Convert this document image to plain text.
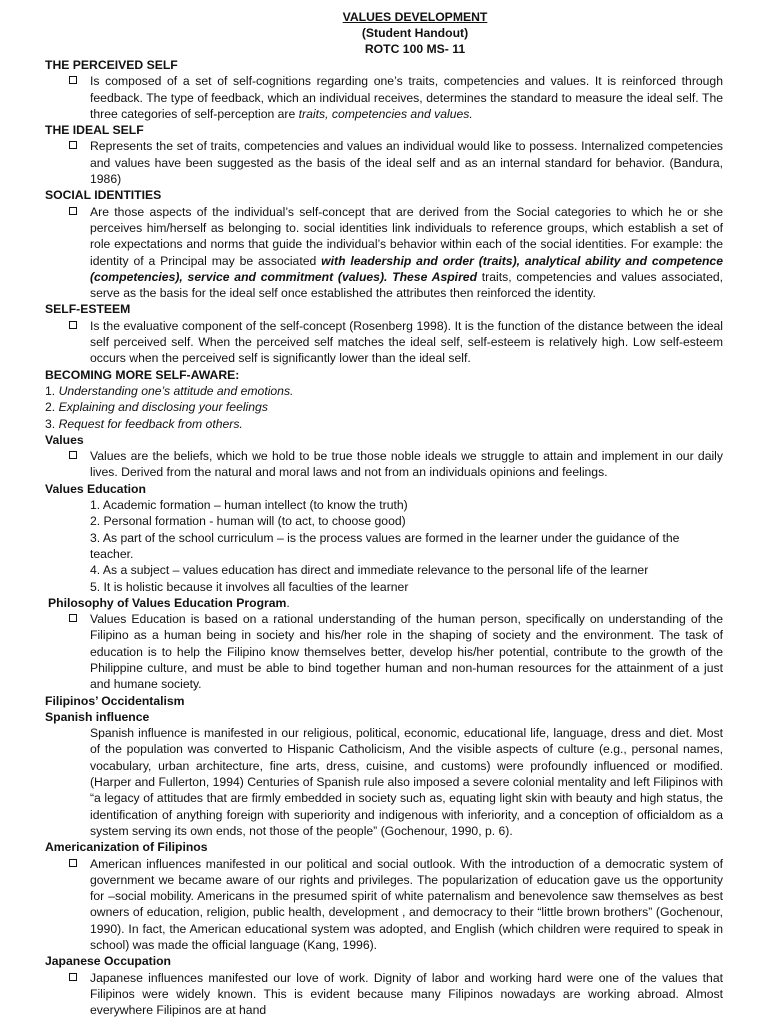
VALUES DEVELOPMENT
(Student Handout)
ROTC 100 MS- 11

THE PERCEIVED SELF

Is composed of a set of self-cognitions regarding one’s traits, competencies and values. It is reinforced through feedback. The type of feedback, which an individual receives, determines the standard to measure the ideal self. The three categories of self-perception are traits, competencies and values.

THE IDEAL SELF

Represents the set of traits, competencies and values an individual would like to possess. Internalized competencies and values have been suggested as the basis of the ideal self and as an internal standard for behavior. (Bandura, 1986)

SOCIAL IDENTITIES

Are those aspects of the individual’s self-concept that are derived from the Social categories to which he or she perceives him/herself as belonging to. social identities link individuals to reference groups, which establish a set of role expectations and norms that guide the individual’s behavior within each of the social identities. For example: the identity of a Principal may be associated with leadership and order (traits), analytical ability and competence (competencies), service and commitment (values). These Aspired traits, competencies and values associated, serve as the basis for the ideal self once established the attributes then reinforced the identity.

SELF-ESTEEM

Is the evaluative component of the self-concept (Rosenberg 1998). It is the function of the distance between the ideal self perceived self. When the perceived self matches the ideal self, self-esteem is relatively high. Low self-esteem occurs when the perceived self is significantly lower than the ideal self.

BECOMING MORE SELF-AWARE:

1. Understanding one’s attitude and emotions.

2. Explaining and disclosing your feelings

3. Request for feedback from others.

Values

Values are the beliefs, which we hold to be true those noble ideals we struggle to attain and implement in our daily lives. Derived from the natural and moral laws and not from an individuals opinions and feelings.

Values Education

1. Academic formation – human intellect (to know the truth)

2. Personal formation - human will (to act, to choose good)

3. As part of the school curriculum – is the process values are formed in the learner under the guidance of the teacher.

4. As a subject – values education has direct and immediate relevance to the personal life of the learner

5. It is holistic because it involves all faculties of the learner

Philosophy of Values Education Program.

Values Education is based on a rational understanding of the human person, specifically on understanding of the Filipino as a human being in society and his/her role in the shaping of society and the environment. The task of education is to help the Filipino know themselves better, develop his/her potential, contribute to the growth of the Philippine culture, and must be able to bind together human and non-human resources for the attainment of a just and humane society.

Filipinos’ Occidentalism

Spanish influence

Spanish influence is manifested in our religious, political, economic, educational life, language, dress and diet. Most of the population was converted to Hispanic Catholicism, And the visible aspects of culture (e.g., personal names, vocabulary, urban architecture, fine arts, dress, cuisine, and customs) were profoundly influenced or modified. (Harper and Fullerton, 1994) Centuries of Spanish rule also imposed a severe colonial mentality and left Filipinos with “a legacy of attitudes that are firmly embedded in society such as, equating light skin with beauty and high status, the identification of anything foreign with superiority and indigenous with inferiority, and a conception of officialdom as a system serving its own ends, not those of the people” (Gochenour, 1990, p. 6).

Americanization of Filipinos

American influences manifested in our political and social outlook. With the introduction of a democratic system of government we became aware of our rights and privileges. The popularization of education gave us the opportunity for –social mobility. Americans in the presumed spirit of white paternalism and benevolence saw themselves as best owners of education, religion, public health, development , and democracy to their “little brown brothers” (Gochenour, 1990). In fact, the American educational system was adopted, and English (which children were required to speak in school) was made the official language (Kang, 1996).

Japanese Occupation

Japanese influences manifested our love of work. Dignity of labor and working hard were one of the values that Filipinos were widely known. This is evident because many Filipinos nowadays are working abroad. Almost everywhere Filipinos are at hand
